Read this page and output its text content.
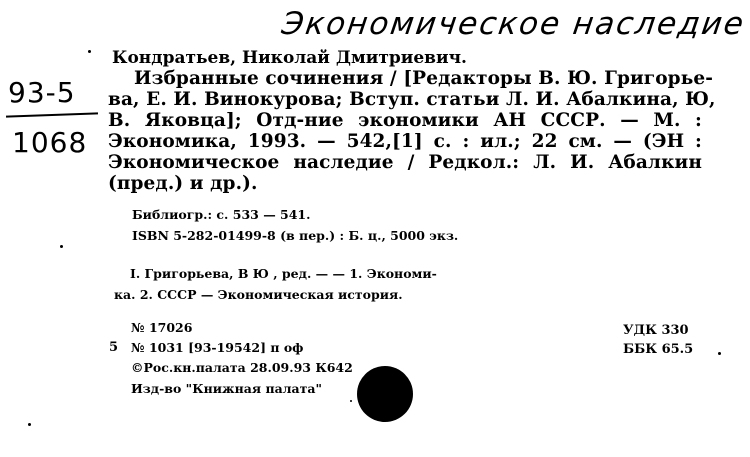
Экономическое наследие
93-5
1068
Кондратьев, Николай Дмитриевич.
Избранные сочинения / [Редакторы В. Ю. Григорье-
ва, Е. И. Винокурова; Вступ. статьи Л. И. Абалкина, Ю,
В. Яковца]; Отд-ние экономики АН СССР. — М. :
Экономика, 1993. — 542,[1] с. : ил.; 22 см. — (ЭН :
Экономическое наследие / Редкол.: Л. И. Абалкин
(пред.) и др.).
Библиогр.: с. 533 — 541.
ISBN 5-282-01499-8 (в пер.) : Б. ц., 5000 экз.
I. Григорьева, В Ю , ред. — — 1. Экономи-
ка. 2. СССР — Экономическая история.
№ 17026
5 № 1031 [93-19542] п оф
©Рос.кн.палата 28.09.93 К642
Изд-во "Книжная палата"
УДК 330
ББК 65.5
